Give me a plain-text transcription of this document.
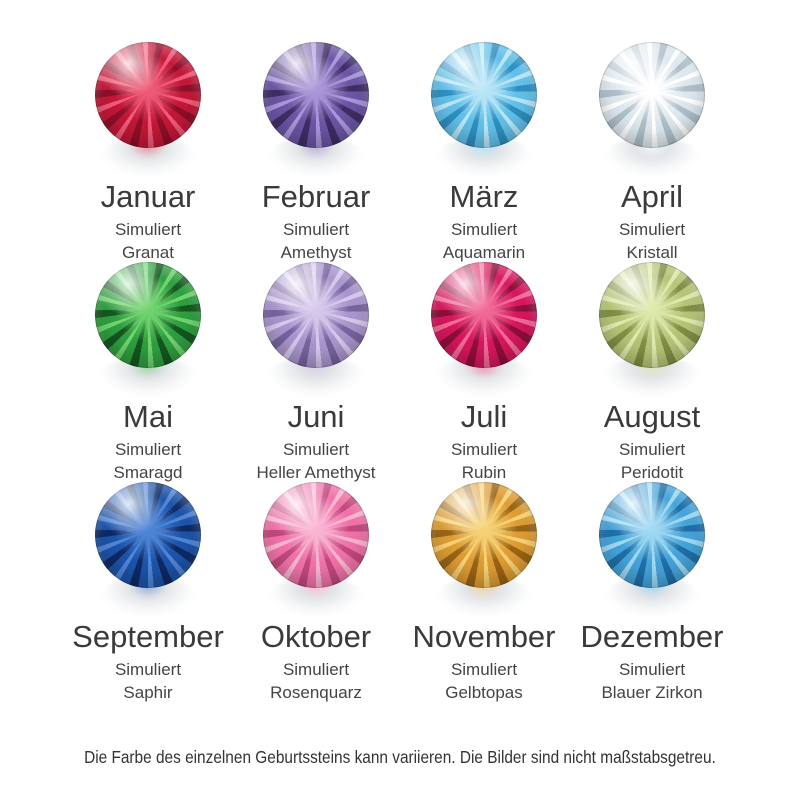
Januar
Simuliert
Granat
Februar
Simuliert
Amethyst
März
Simuliert
Aquamarin
April
Simuliert
Kristall
Mai
Simuliert
Smaragd
Juni
Simuliert
Heller Amethyst
Juli
Simuliert
Rubin
August
Simuliert
Peridotit
September
Simuliert
Saphir
Oktober
Simuliert
Rosenquarz
November
Simuliert
Gelbtopas
Dezember
Simuliert
Blauer Zirkon
Die Farbe des einzelnen Geburtssteins kann variieren. Die Bilder sind nicht maßstabsgetreu.
